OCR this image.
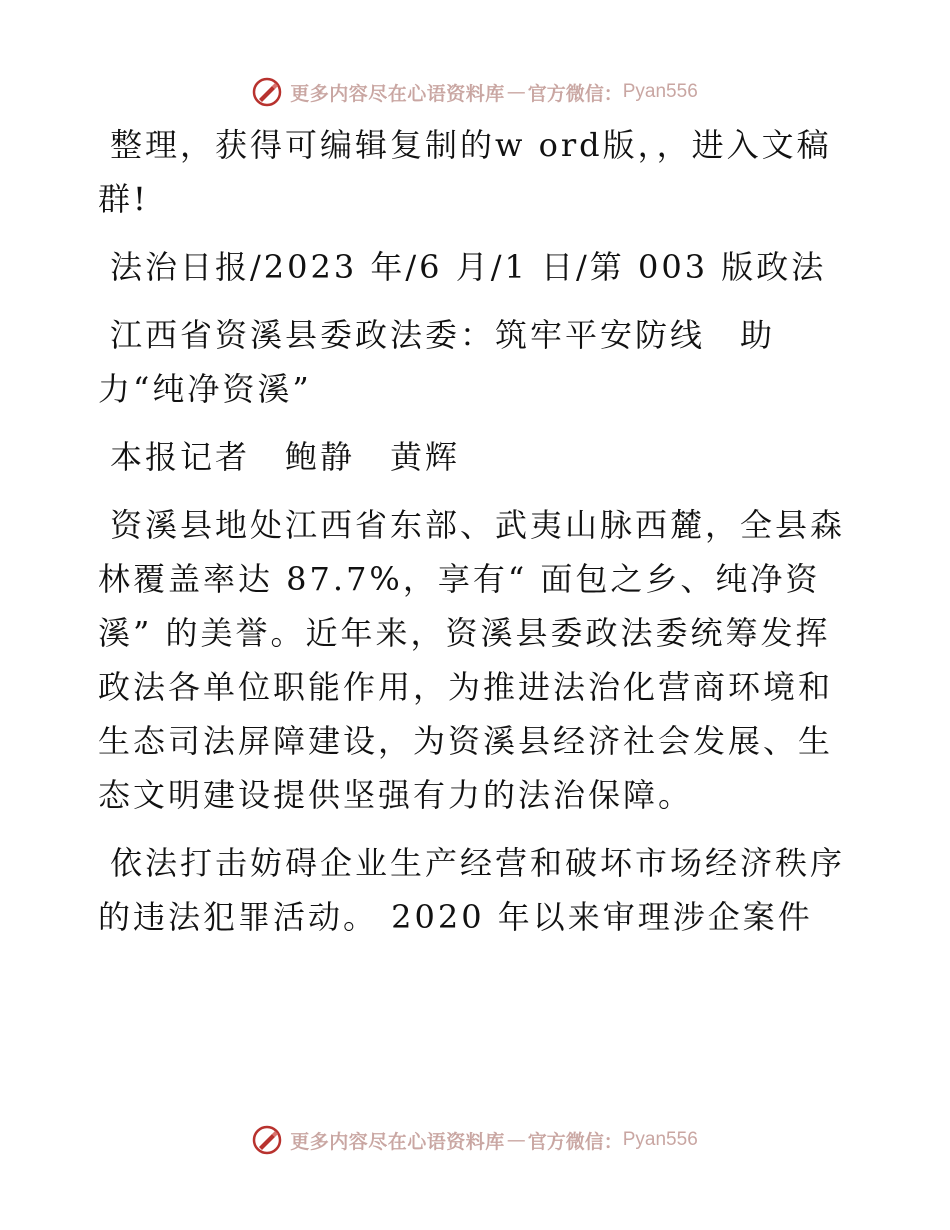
更多内容尽在心语资料库 — 官方微信： Pyan556

整理，获得可编辑复制的w ord版，，进入文稿群!

法治日报/2023 年/6 月/1 日/第 003 版政法

江西省资溪县委政法委：筑牢平安防线　助力“纯净资溪”

本报记者　鲍静　黄辉

资溪县地处江西省东部、武夷山脉西麓，全县森林覆盖率达 87.7%，享有“ 面包之乡、纯净资溪” 的美誉。近年来，资溪县委政法委统筹发挥政法各单位职能作用，为推进法治化营商环境和生态司法屏障建设，为资溪县经济社会发展、生态文明建设提供坚强有力的法治保障。

依法打击妨碍企业生产经营和破坏市场经济秩序的违法犯罪活动。 2020 年以来审理涉企案件

更多内容尽在心语资料库 — 官方微信： Pyan556
